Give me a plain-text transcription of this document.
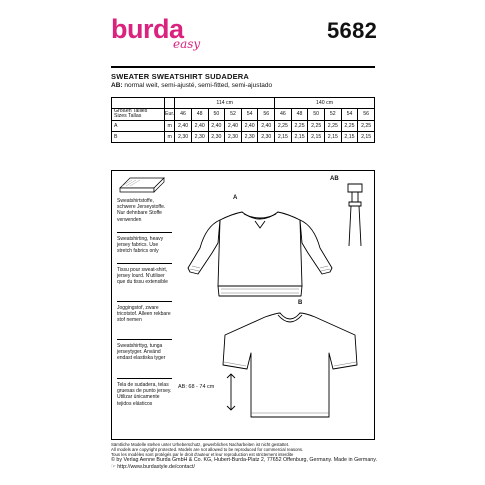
burda
easy
5682
SWEATER SWEATSHIRT SUDADERA
AB: normal weit, semi-ajusté, semi-fitted, semi-ajustado
		114 cm						140 cm					
Größen Tailles
Sizes Tallas	Eur.	46	48	50	52	54	56	46	48	50	52	54	56
A	m	2,40	2,40	2,40	2,40	2,40	2,40	2,25	2,25	2,25	2,25	2,25	2,25
B	m	2,30	2,30	2,30	2,30	2,30	2,30	2,15	2,15	2,15	2,15	2,15	2,15
Sweatshirtstoffe, schwere Jerseystoffe. Nur dehnbare Stoffe verwenden
Sweatshirting, heavy jersey fabrics. Use stretch fabrics only
Tissu pour sweat-shirt, jersey lourd. N'utiliser que du tissu extensible
Joggingstof, zware tricotstof. Alleen rekbare stof nemen
Sweatshirttyg, tunga jerseytyger. Använd endast elastiska tyger
Tela de sudadera, telas gruesas de punto jersey. Utilizar únicamente tejidos elásticos
A
B
AB
AB: 68 - 74 cm
Sämtliche Modelle stehen unter Urheberschutz, gewerbliches Nacharbeiten ist nicht gestattet.
All models are copyright protected. Models are not allowed to be reproduced for commercial reasons.
Tous les modèles sont protégés par le droit d'auteur et leur reproduction est strictement interdite
© by Verlag Aenne Burda GmbH & Co. KG, Hubert-Burda-Platz 2, 77652 Offenburg, Germany. Made in Germany.
☞ http://www.burdastyle.de/contact/
